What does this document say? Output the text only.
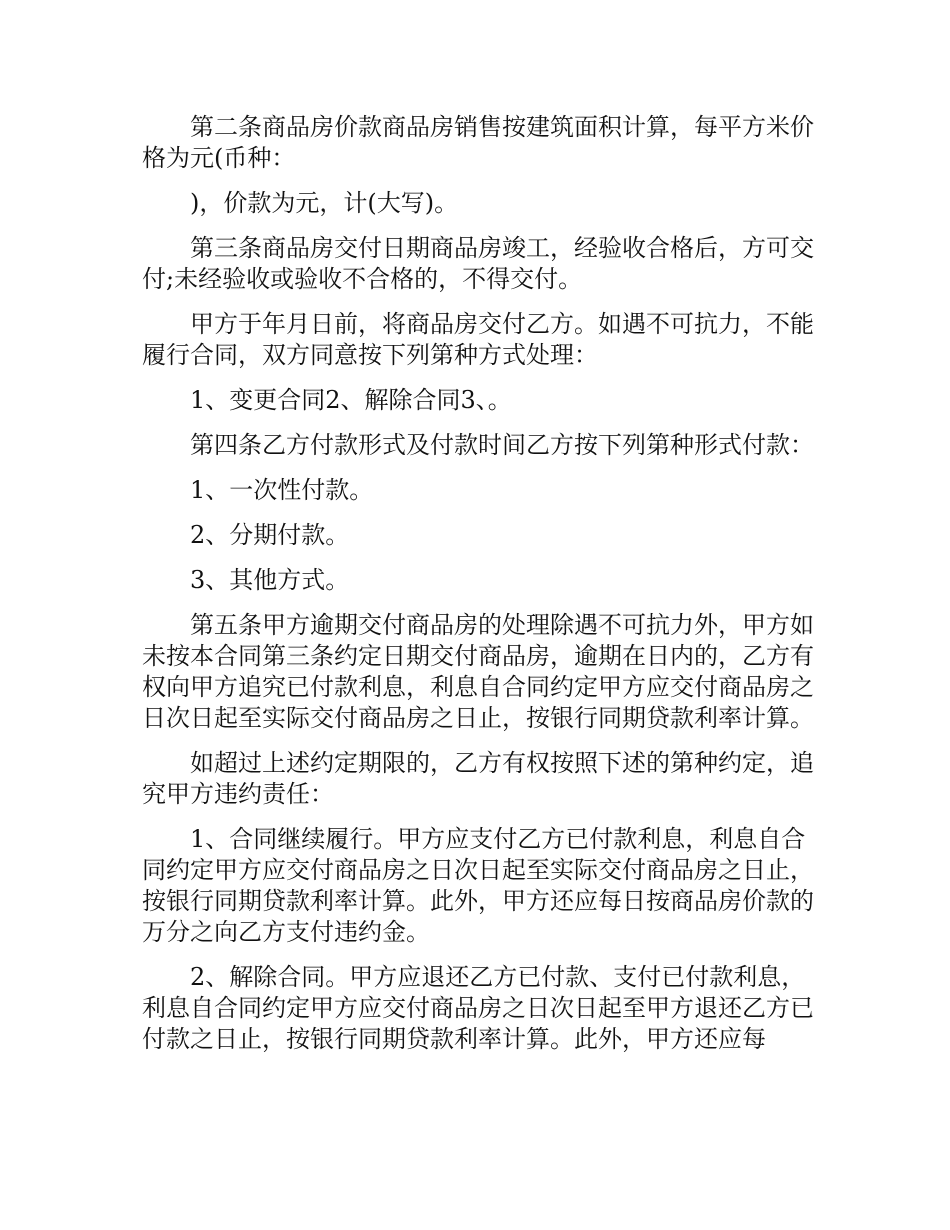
第二条商品房价款商品房销售按建筑面积计算，每平方米价格为元(币种：

)，价款为元，计(大写)。

第三条商品房交付日期商品房竣工，经验收合格后，方可交付;未经验收或验收不合格的，不得交付。

甲方于年月日前，将商品房交付乙方。如遇不可抗力，不能履行合同，双方同意按下列第种方式处理：

1、变更合同2、解除合同3、。

第四条乙方付款形式及付款时间乙方按下列第种形式付款：

1、一次性付款。

2、分期付款。

3、其他方式。

第五条甲方逾期交付商品房的处理除遇不可抗力外，甲方如未按本合同第三条约定日期交付商品房，逾期在日内的，乙方有权向甲方追究已付款利息，利息自合同约定甲方应交付商品房之日次日起至实际交付商品房之日止，按银行同期贷款利率计算。

如超过上述约定期限的，乙方有权按照下述的第种约定，追究甲方违约责任：

1、合同继续履行。甲方应支付乙方已付款利息，利息自合同约定甲方应交付商品房之日次日起至实际交付商品房之日止，按银行同期贷款利率计算。此外，甲方还应每日按商品房价款的万分之向乙方支付违约金。

2、解除合同。甲方应退还乙方已付款、支付已付款利息，利息自合同约定甲方应交付商品房之日次日起至甲方退还乙方已付款之日止，按银行同期贷款利率计算。此外，甲方还应每
